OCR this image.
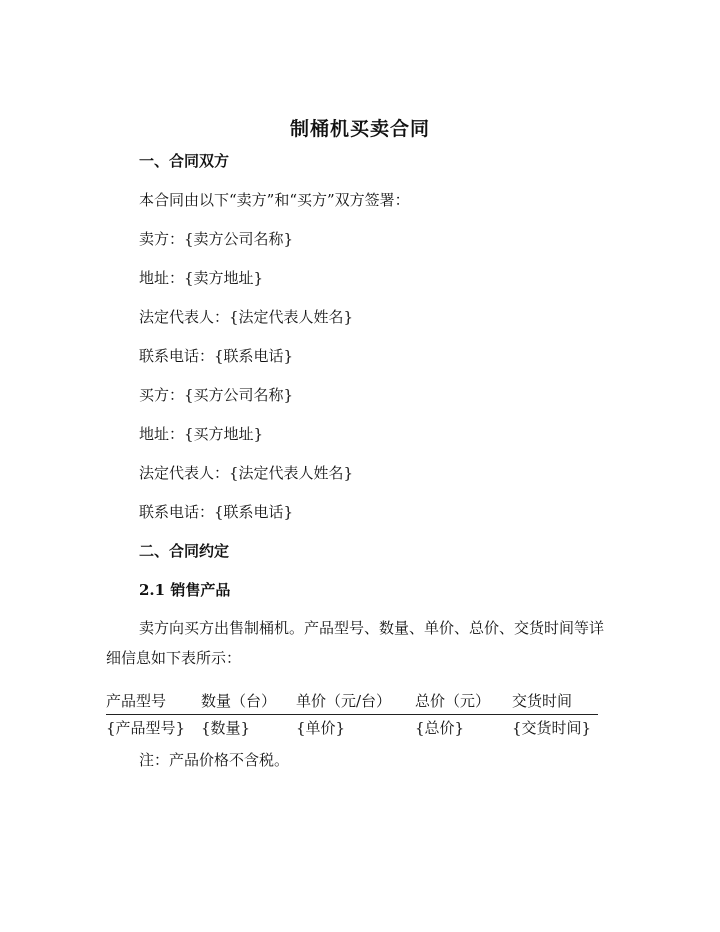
制桶机买卖合同
一、合同双方
本合同由以下“卖方”和“买方”双方签署：
卖方：{卖方公司名称}
地址：{卖方地址}
法定代表人：{法定代表人姓名}
联系电话：{联系电话}
买方：{买方公司名称}
地址：{买方地址}
法定代表人：{法定代表人姓名}
联系电话：{联系电话}
二、合同约定
2.1 销售产品
卖方向买方出售制桶机。产品型号、数量、单价、总价、交货时间等详细信息如下表所示：
产品型号 数量（台） 单价（元/台） 总价（元） 交货时间
{产品型号} {数量}	{单价}	{总价}	{交货时间}
注：产品价格不含税。
